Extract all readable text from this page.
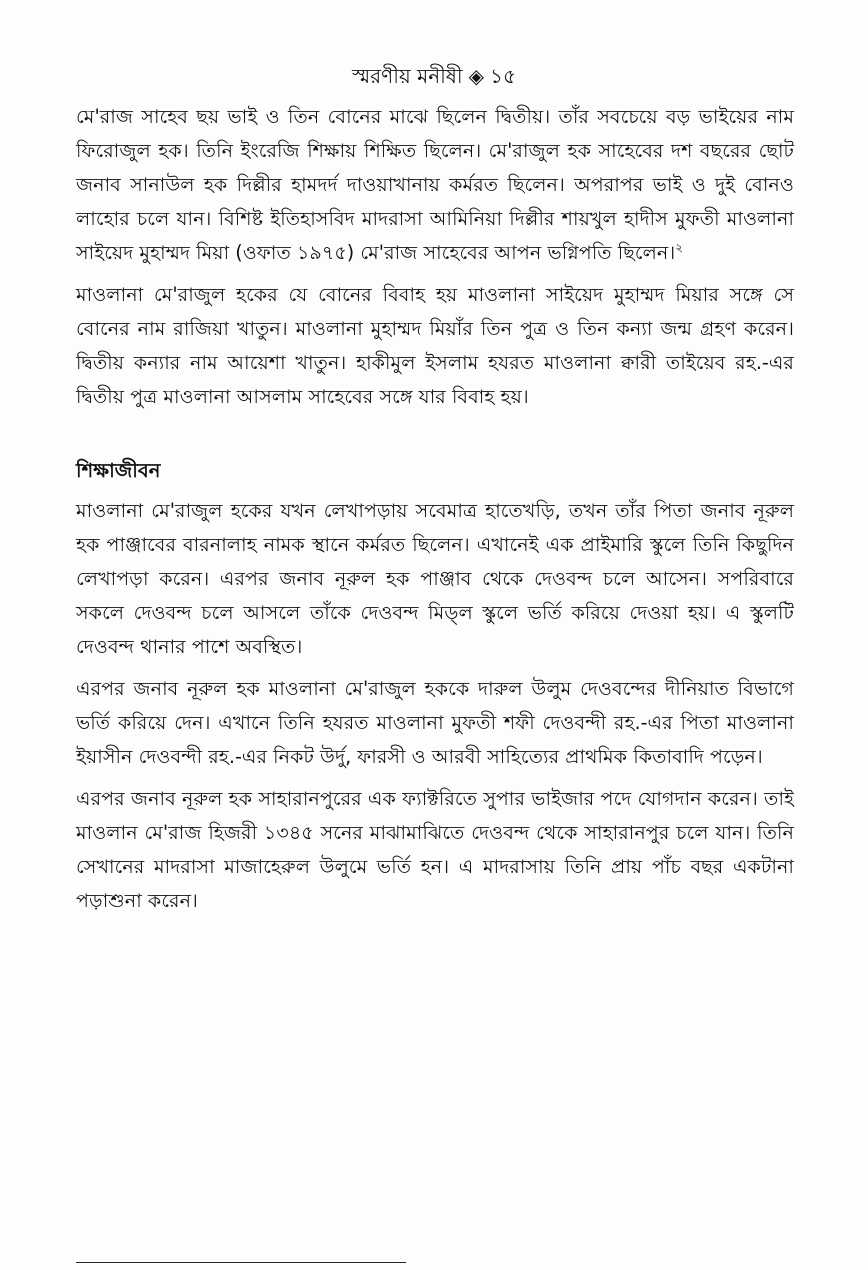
স্মরণীয় মনীষী ◈ ১৫

মে'রাজ সাহেব ছয় ভাই ও তিন বোনের মাঝে ছিলেন দ্বিতীয়। তাঁর সবচেয়ে বড় ভাইয়ের নাম ফিরোজুল হক। তিনি ইংরেজি শিক্ষায় শিক্ষিত ছিলেন। মে'রাজুল হক সাহেবের দশ বছরের ছোট জনাব সানাউল হক দিল্লীর হামদর্দ দাওয়াখানায় কর্মরত ছিলেন। অপরাপর ভাই ও দুই বোনও লাহোর চলে যান। বিশিষ্ট ইতিহাসবিদ মাদরাসা আমিনিয়া দিল্লীর শায়খুল হাদীস মুফতী মাওলানা সাইয়েদ মুহাম্মদ মিয়া (ওফাত ১৯৭৫) মে'রাজ সাহেবের আপন ভগ্নিপতি ছিলেন।$^২$

মাওলানা মে'রাজুল হকের যে বোনের বিবাহ হয় মাওলানা সাইয়েদ মুহাম্মদ মিয়ার সঙ্গে সে বোনের নাম রাজিয়া খাতুন। মাওলানা মুহাম্মদ মিয়াঁর তিন পুত্র ও তিন কন্যা জন্ম গ্রহণ করেন। দ্বিতীয় কন্যার নাম আয়েশা খাতুন। হাকীমুল ইসলাম হযরত মাওলানা ক্বারী তাইয়েব রহ.-এর দ্বিতীয় পুত্র মাওলানা আসলাম সাহেবের সঙ্গে যার বিবাহ হয়।

শিক্ষাজীবন

মাওলানা মে'রাজুল হকের যখন লেখাপড়ায় সবেমাত্র হাতেখড়ি, তখন তাঁর পিতা জনাব নূরুল হক পাঞ্জাবের বারনালাহ নামক স্থানে কর্মরত ছিলেন। এখানেই এক প্রাইমারি স্কুলে তিনি কিছুদিন লেখাপড়া করেন। এরপর জনাব নূরুল হক পাঞ্জাব থেকে দেওবন্দ চলে আসেন। সপরিবারে সকলে দেওবন্দ চলে আসলে তাঁকে দেওবন্দ মিড্‌ল স্কুলে ভর্তি করিয়ে দেওয়া হয়। এ স্কুলটি দেওবন্দ থানার পাশে অবস্থিত।

এরপর জনাব নূরুল হক মাওলানা মে'রাজুল হককে দারুল উলুম দেওবন্দের দীনিয়াত বিভাগে ভর্তি করিয়ে দেন। এখানে তিনি হযরত মাওলানা মুফতী শফী দেওবন্দী রহ.-এর পিতা মাওলানা ইয়াসীন দেওবন্দী রহ.-এর নিকট উর্দু, ফারসী ও আরবী সাহিত্যের প্রাথমিক কিতাবাদি পড়েন।

এরপর জনাব নূরুল হক সাহারানপুরের এক ফ্যাক্টরিতে সুপার ভাইজার পদে যোগদান করেন। তাই মাওলান মে'রাজ হিজরী ১৩৪৫ সনের মাঝামাঝিতে দেওবন্দ থেকে সাহারানপুর চলে যান। তিনি সেখানের মাদরাসা মাজাহেরুল উলুমে ভর্তি হন। এ মাদরাসায় তিনি প্রায় পাঁচ বছর একটানা পড়াশুনা করেন।
